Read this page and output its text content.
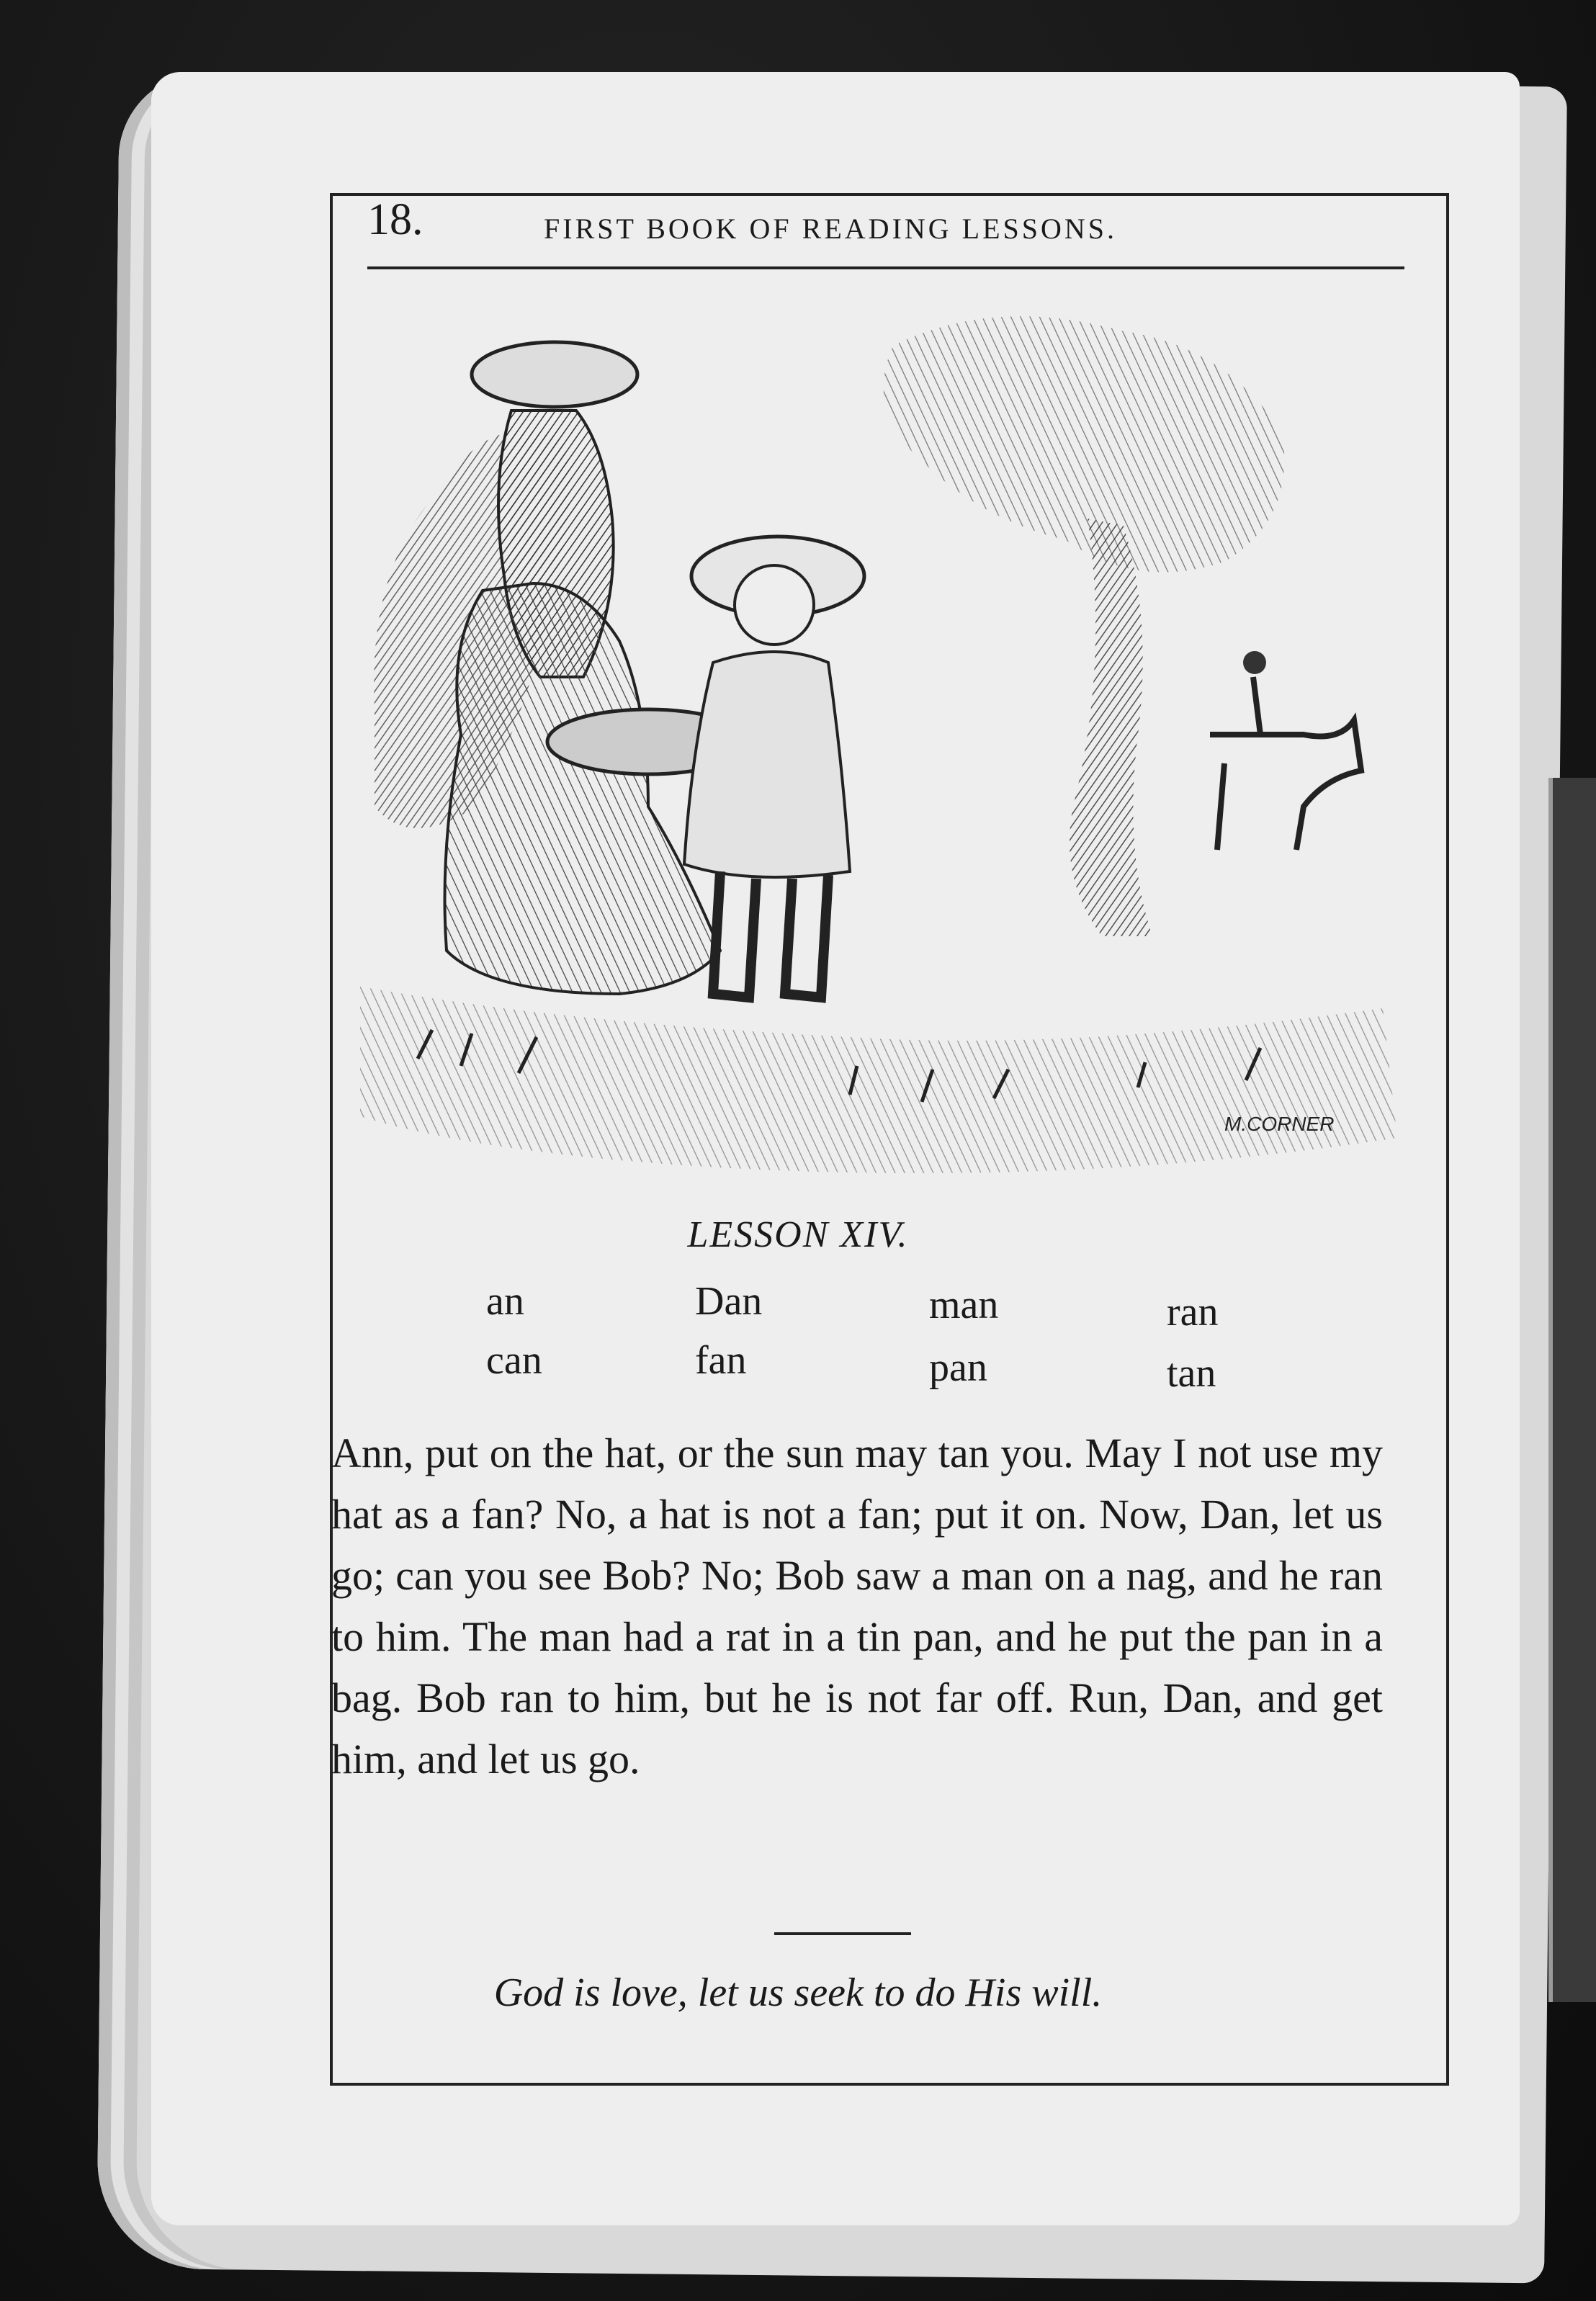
18.	FIRST BOOK OF READING LESSONS.
M.CORNER
LESSON XIV.
an	Dan	man	ran
can	fan	pan	tan

Ann, put on the hat, or the sun may tan you. May I not use my hat as a fan? No, a hat is not a fan; put it on. Now, Dan, let us go; can you see Bob? No; Bob saw a man on a nag, and he ran to him. The man had a rat in a tin pan, and he put the pan in a bag. Bob ran to him, but he is not far off. Run, Dan, and get him, and let us go.

God is love, let us seek to do His will.
